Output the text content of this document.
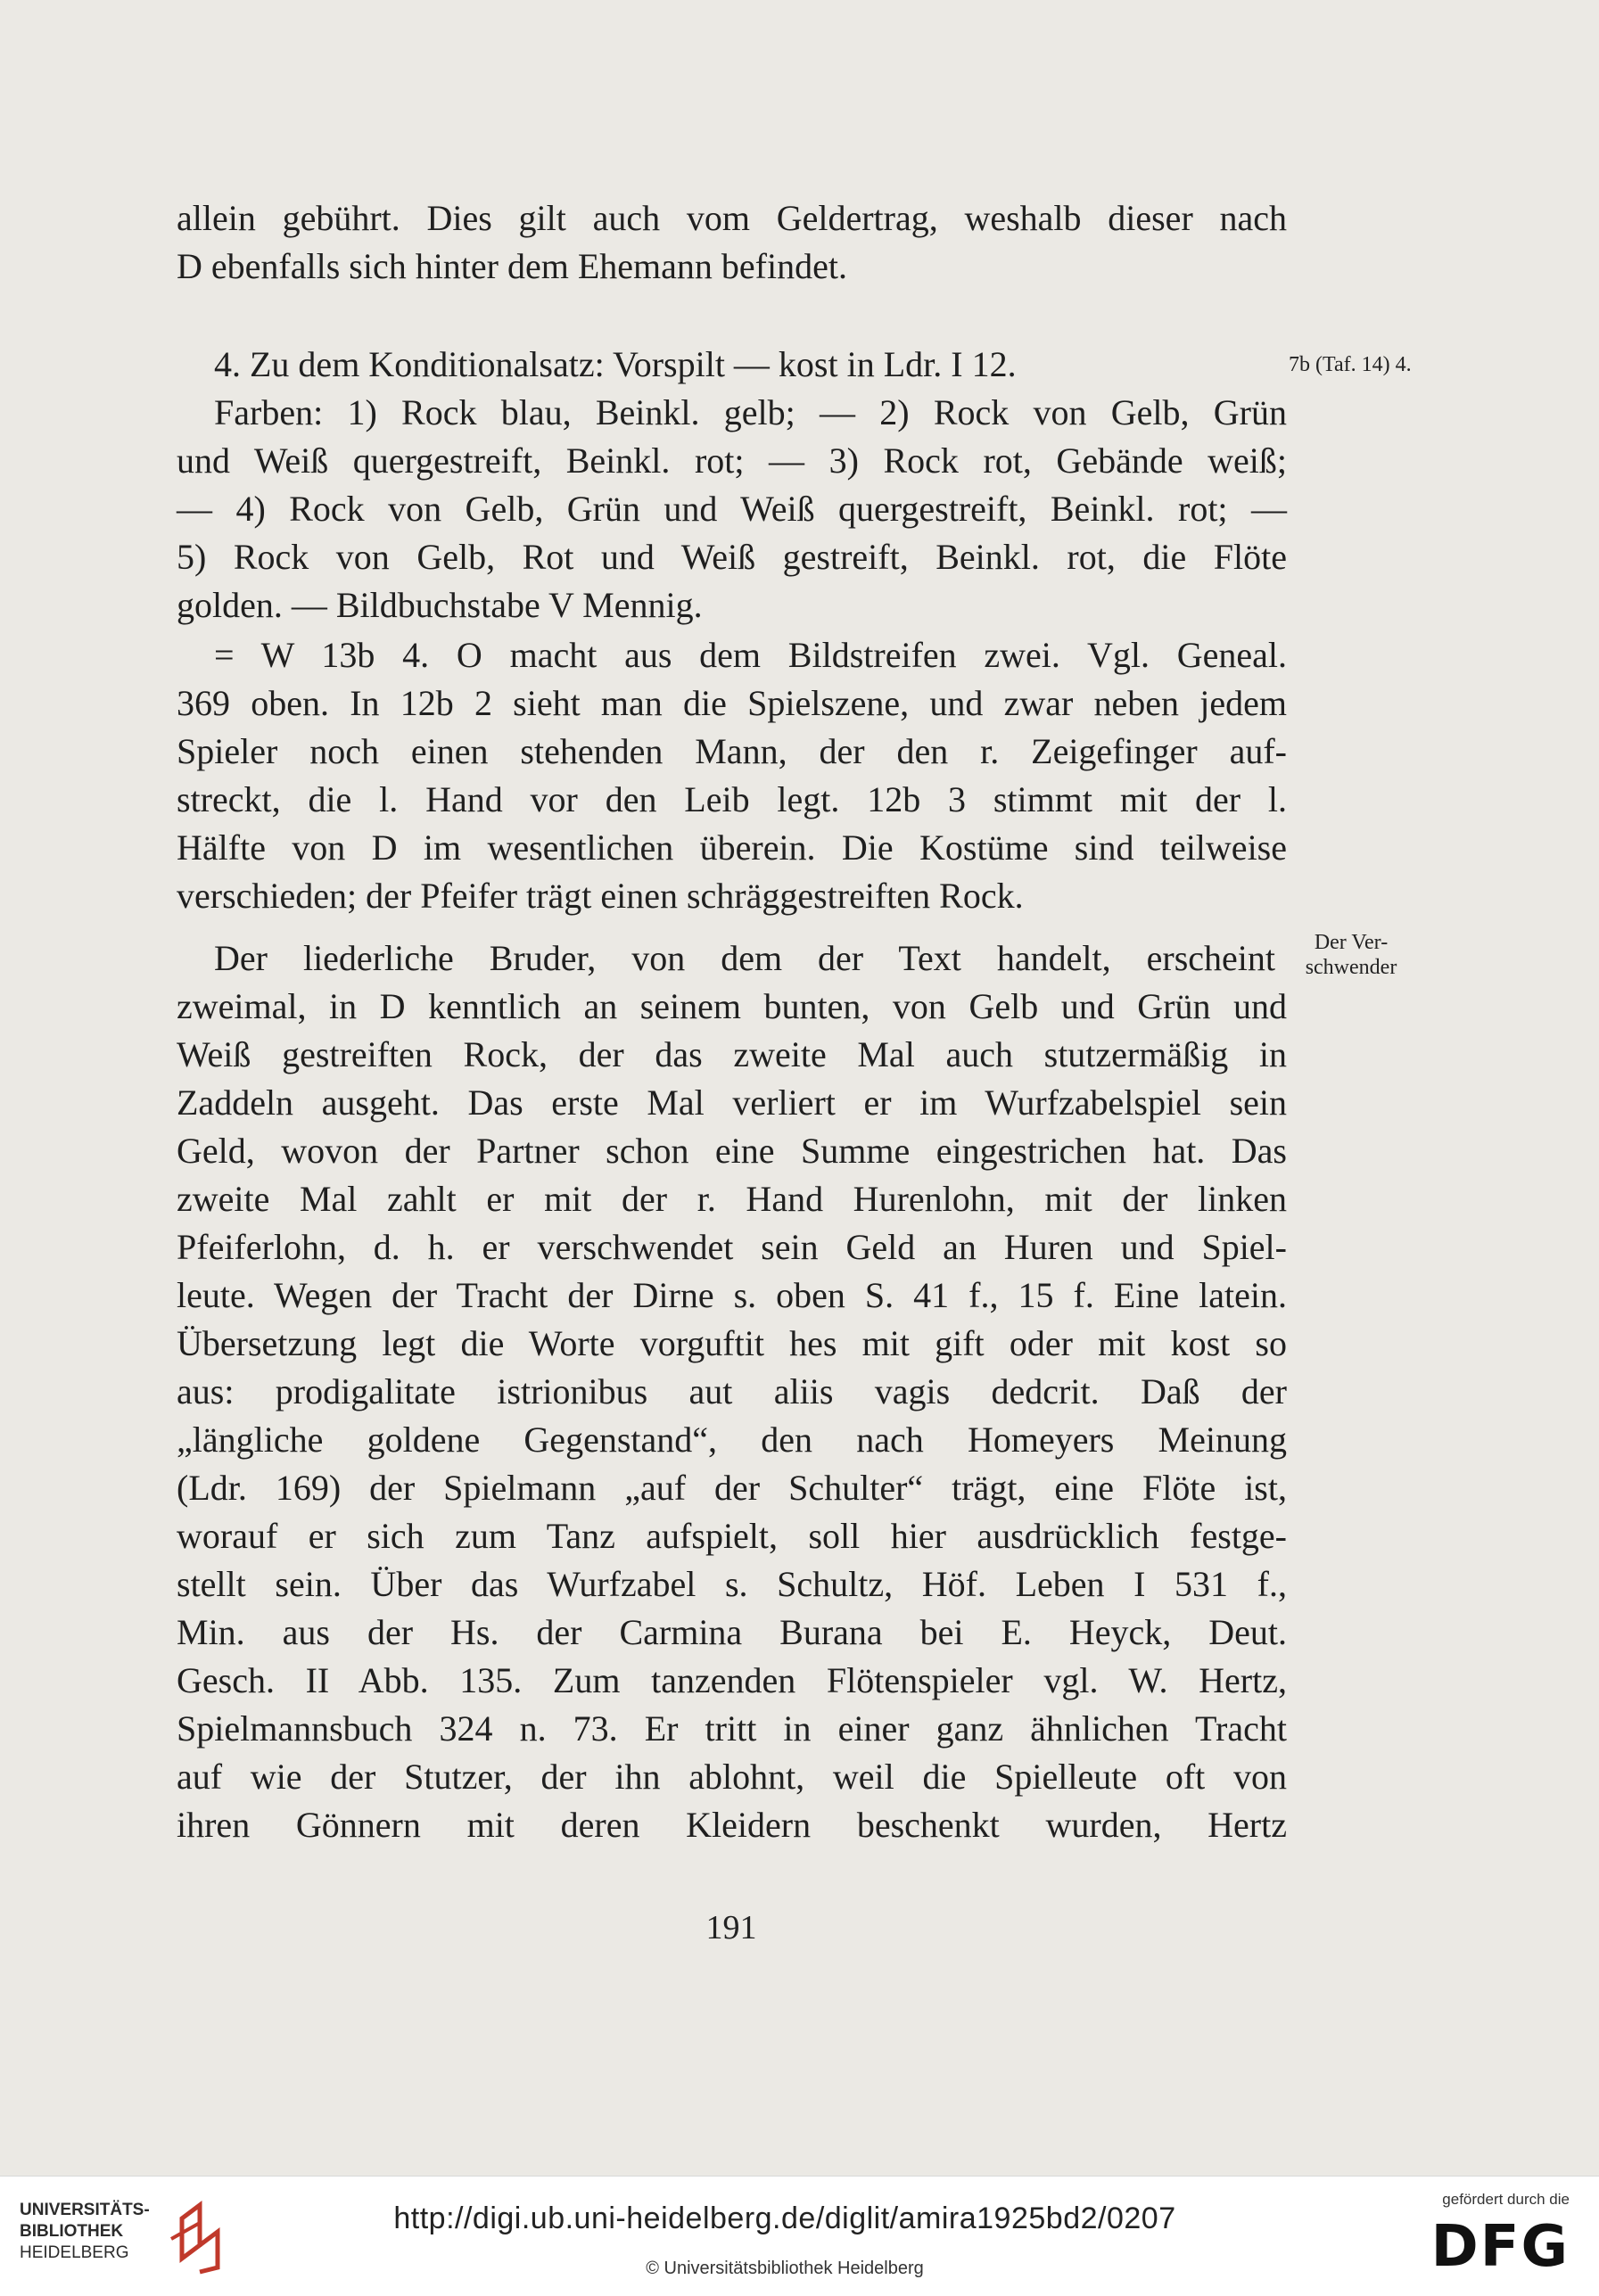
allein gebührt. Dies gilt auch vom Geldertrag, weshalb dieser nach
D ebenfalls sich hinter dem Ehemann befindet.
4. Zu dem Konditionalsatz: Vorspilt — kost in Ldr. I 12.
Farben: 1) Rock blau, Beinkl. gelb; — 2) Rock von Gelb, Grün
und Weiß quergestreift, Beinkl. rot; — 3) Rock rot, Gebände weiß;
— 4) Rock von Gelb, Grün und Weiß quergestreift, Beinkl. rot; —
5) Rock von Gelb, Rot und Weiß gestreift, Beinkl. rot, die Flöte
golden. — Bildbuchstabe V Mennig.
= W 13b 4. O macht aus dem Bildstreifen zwei. Vgl. Geneal.
369 oben. In 12b 2 sieht man die Spielszene, und zwar neben jedem
Spieler noch einen stehenden Mann, der den r. Zeigefinger auf-
streckt, die l. Hand vor den Leib legt. 12b 3 stimmt mit der l.
Hälfte von D im wesentlichen überein. Die Kostüme sind teilweise
verschieden; der Pfeifer trägt einen schräggestreiften Rock.
Der liederliche Bruder, von dem der Text handelt, erscheint
zweimal, in D kenntlich an seinem bunten, von Gelb und Grün und
Weiß gestreiften Rock, der das zweite Mal auch stutzermäßig in
Zaddeln ausgeht. Das erste Mal verliert er im Wurfzabelspiel sein
Geld, wovon der Partner schon eine Summe eingestrichen hat. Das
zweite Mal zahlt er mit der r. Hand Hurenlohn, mit der linken
Pfeiferlohn, d. h. er verschwendet sein Geld an Huren und Spiel-
leute. Wegen der Tracht der Dirne s. oben S. 41 f., 15 f. Eine latein.
Übersetzung legt die Worte vorguftit hes mit gift oder mit kost so
aus: prodigalitate istrionibus aut aliis vagis dedcrit. Daß der
„längliche goldene Gegenstand“, den nach Homeyers Meinung
(Ldr. 169) der Spielmann „auf der Schulter“ trägt, eine Flöte ist,
worauf er sich zum Tanz aufspielt, soll hier ausdrücklich festge-
stellt sein. Über das Wurfzabel s. Schultz, Höf. Leben I 531 f.,
Min. aus der Hs. der Carmina Burana bei E. Heyck, Deut.
Gesch. II Abb. 135. Zum tanzenden Flötenspieler vgl. W. Hertz,
Spielmannsbuch 324 n. 73. Er tritt in einer ganz ähnlichen Tracht
auf wie der Stutzer, der ihn ablohnt, weil die Spielleute oft von
ihren Gönnern mit deren Kleidern beschenkt wurden, Hertz
7b (Taf. 14) 4.
Der Ver-
schwender
191
UNIVERSITÄTS-
BIBLIOTHEK
HEIDELBERG
http://digi.ub.uni-heidelberg.de/diglit/amira1925bd2/0207
© Universitätsbibliothek Heidelberg
gefördert durch die
DFG
